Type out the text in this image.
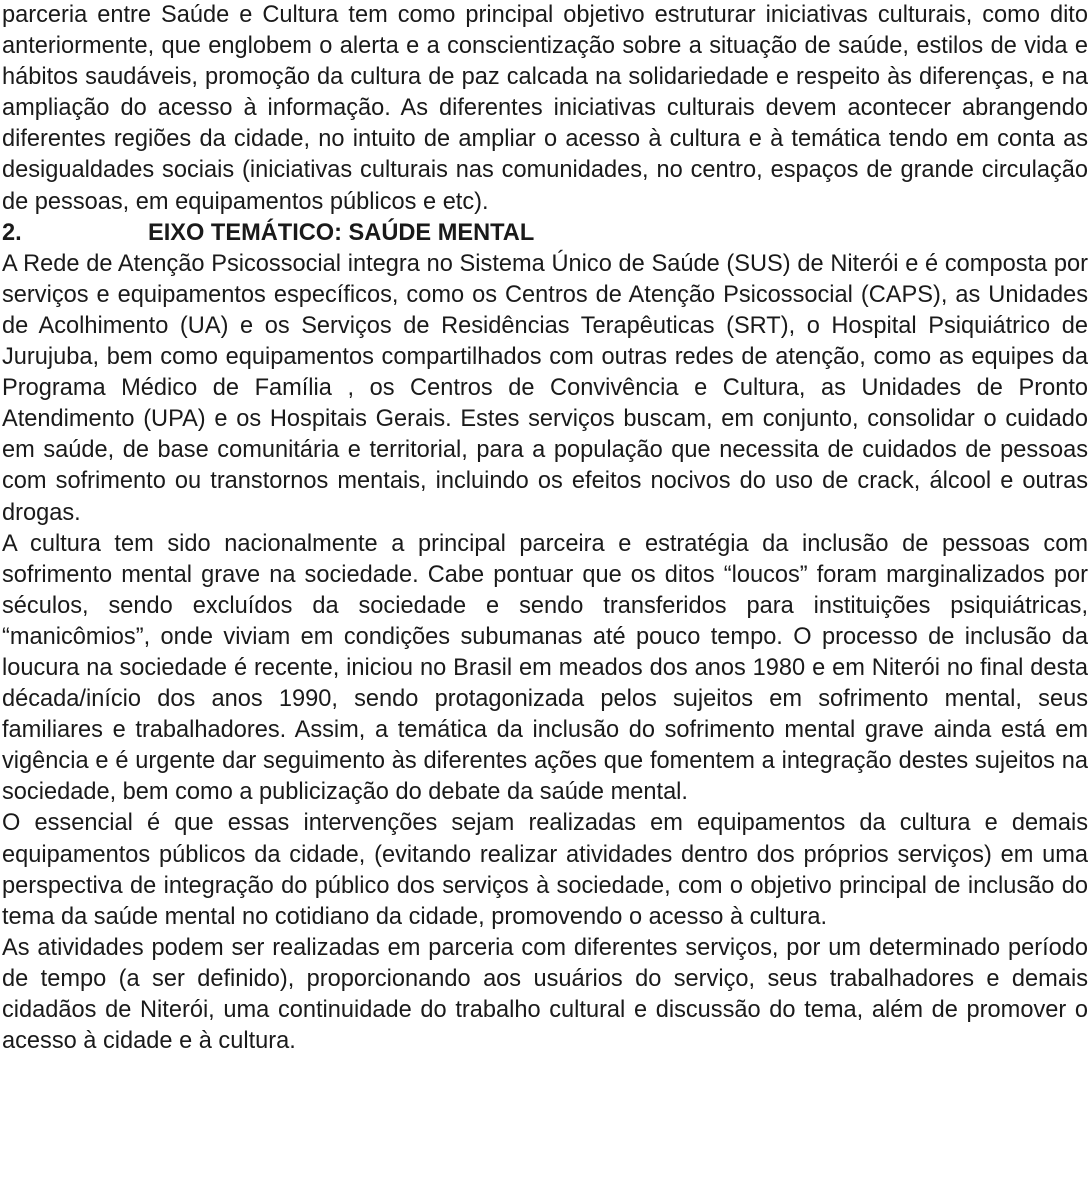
parceria entre Saúde e Cultura tem como principal objetivo estruturar iniciativas culturais, como dito anteriormente, que englobem o alerta e a conscientização sobre a situação de saúde, estilos de vida e hábitos saudáveis, promoção da cultura de paz calcada na solidariedade e respeito às diferenças, e na ampliação do acesso à informação. As diferentes iniciativas culturais devem acontecer abrangendo diferentes regiões da cidade, no intuito de ampliar o acesso à cultura e à temática tendo em conta as desigualdades sociais (iniciativas culturais nas comunidades, no centro, espaços de grande circulação de pessoas, em equipamentos públicos e etc).

2.	EIXO TEMÁTICO: SAÚDE MENTAL

A Rede de Atenção Psicossocial integra no Sistema Único de Saúde (SUS) de Niterói e é composta por serviços e equipamentos específicos, como os Centros de Atenção Psicossocial (CAPS), as Unidades de Acolhimento (UA) e os Serviços de Residências Terapêuticas (SRT), o Hospital Psiquiátrico de Jurujuba, bem como equipamentos compartilhados com outras redes de atenção, como as equipes da Programa Médico de Família , os Centros de Convivência e Cultura, as Unidades de Pronto Atendimento (UPA) e os Hospitais Gerais. Estes serviços buscam, em conjunto, consolidar o cuidado em saúde, de base comunitária e territorial, para a população que necessita de cuidados de pessoas com sofrimento ou transtornos mentais, incluindo os efeitos nocivos do uso de crack, álcool e outras drogas.

A cultura tem sido nacionalmente a principal parceira e estratégia da inclusão de pessoas com sofrimento mental grave na sociedade. Cabe pontuar que os ditos “loucos” foram marginalizados por séculos, sendo excluídos da sociedade e sendo transferidos para instituições psiquiátricas, “manicômios”, onde viviam em condições subumanas até pouco tempo. O processo de inclusão da loucura na sociedade é recente, iniciou no Brasil em meados dos anos 1980 e em Niterói no final desta década/início dos anos 1990, sendo protagonizada pelos sujeitos em sofrimento mental, seus familiares e trabalhadores. Assim, a temática da inclusão do sofrimento mental grave ainda está em vigência e é urgente dar seguimento às diferentes ações que fomentem a integração destes sujeitos na sociedade, bem como a publicização do debate da saúde mental.

O essencial é que essas intervenções sejam realizadas em equipamentos da cultura e demais equipamentos públicos da cidade, (evitando realizar atividades dentro dos próprios serviços) em uma perspectiva de integração do público dos serviços à sociedade, com o objetivo principal de inclusão do tema da saúde mental no cotidiano da cidade, promovendo o acesso à cultura.

As atividades podem ser realizadas em parceria com diferentes serviços, por um determinado período de tempo (a ser definido), proporcionando aos usuários do serviço, seus trabalhadores e demais cidadãos de Niterói, uma continuidade do trabalho cultural e discussão do tema, além de promover o acesso à cidade e à cultura.
